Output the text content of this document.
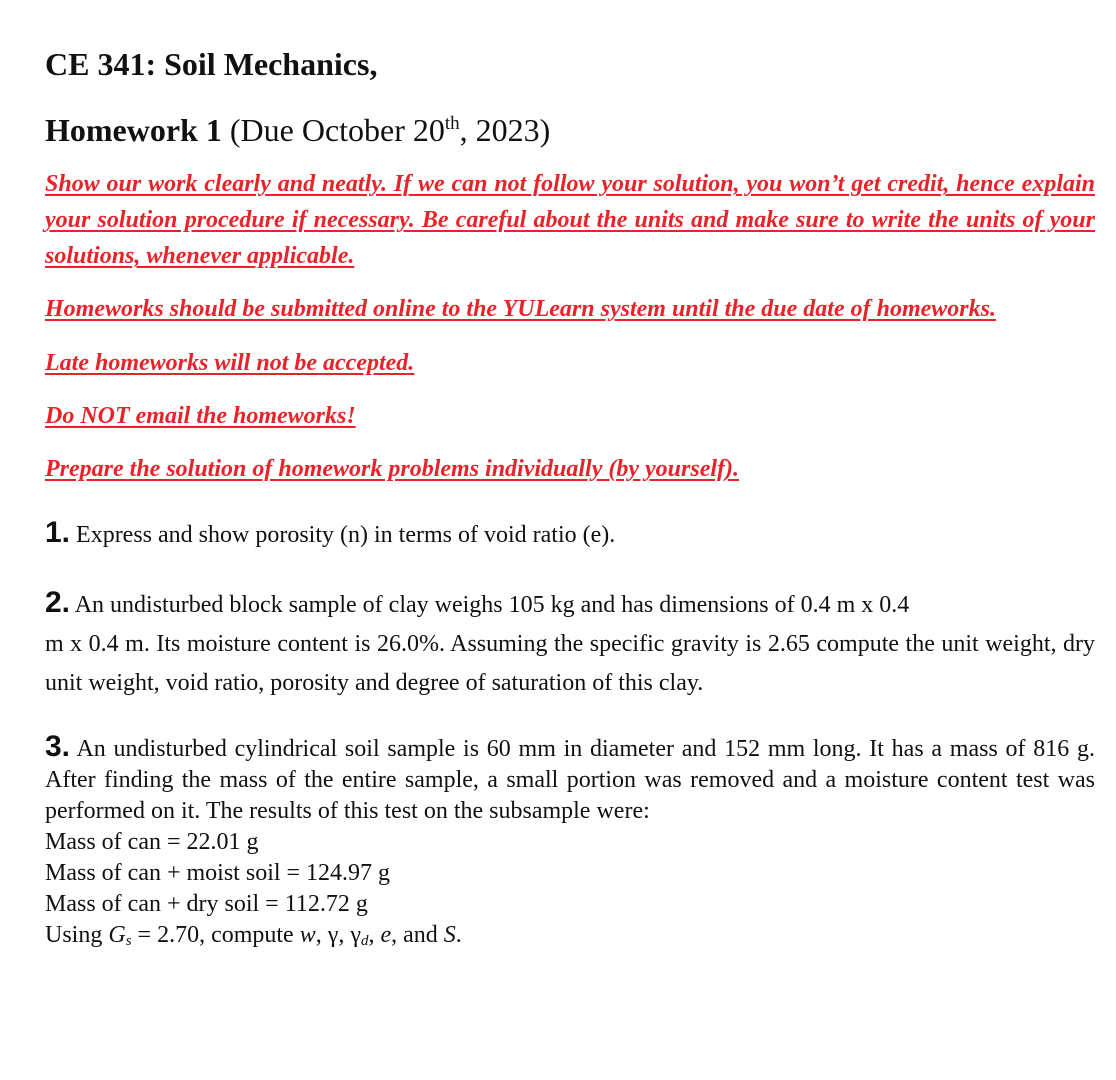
CE 341: Soil Mechanics,
Homework 1 (Due October 20th, 2023)

Show our work clearly and neatly. If we can not follow your solution, you won’t get credit, hence explain your solution procedure if necessary. Be careful about the units and make sure to write the units of your solutions, whenever applicable.

Homeworks should be submitted online to the YULearn system until the due date of homeworks.

Late homeworks will not be accepted.

Do NOT email the homeworks!

Prepare the solution of homework problems individually (by yourself).

1. Express and show porosity (n) in terms of void ratio (e).

2. An undisturbed block sample of clay weighs 105 kg and has dimensions of 0.4 m x 0.4
m x 0.4 m. Its moisture content is 26.0%. Assuming the specific gravity is 2.65 compute the unit weight, dry unit weight, void ratio, porosity and degree of saturation of this clay.

3. An undisturbed cylindrical soil sample is 60 mm in diameter and 152 mm long. It has a mass of 816 g. After finding the mass of the entire sample, a small portion was removed and a moisture content test was performed on it. The results of this test on the subsample were:
Mass of can = 22.01 g
Mass of can + moist soil = 124.97 g
Mass of can + dry soil = 112.72 g
Using $G_s = 2.70$, compute w, γ, $\gamma_d$, e, and S.
